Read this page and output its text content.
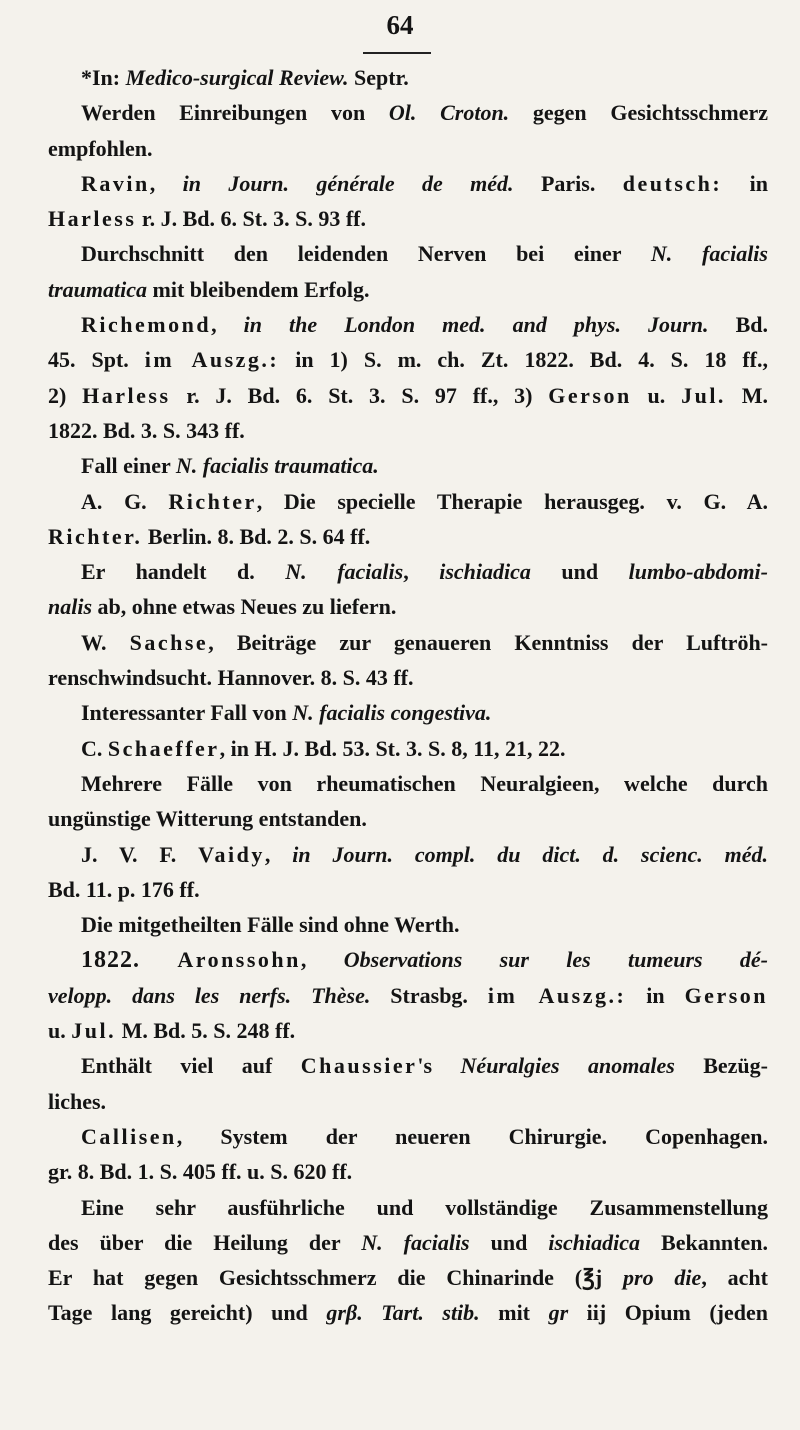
64
*In: Medico-surgical Review. Septr.
Werden Einreibungen von Ol. Croton. gegen Gesichtsschmerz
empfohlen.
Ravin, in Journ. générale de méd. Paris. deutsch: in
Harless r. J. Bd. 6. St. 3. S. 93 ff.
Durchschnitt den leidenden Nerven bei einer N. facialis
traumatica mit bleibendem Erfolg.
Richemond, in the London med. and phys. Journ. Bd.
45. Spt. im Auszg.: in 1) S. m. ch. Zt. 1822. Bd. 4. S. 18 ff.,
2) Harless r. J. Bd. 6. St. 3. S. 97 ff., 3) Gerson u. Jul. M.
1822. Bd. 3. S. 343 ff.
Fall einer N. facialis traumatica.
A. G. Richter, Die specielle Therapie herausgeg. v. G. A.
Richter. Berlin. 8. Bd. 2. S. 64 ff.
Er handelt d. N. facialis, ischiadica und lumbo-abdomi-
nalis ab, ohne etwas Neues zu liefern.
W. Sachse, Beiträge zur genaueren Kenntniss der Luftröh-
renschwindsucht. Hannover. 8. S. 43 ff.
Interessanter Fall von N. facialis congestiva.
C. Schaeffer, in H. J. Bd. 53. St. 3. S. 8, 11, 21, 22.
Mehrere Fälle von rheumatischen Neuralgieen, welche durch
ungünstige Witterung entstanden.
J. V. F. Vaidy, in Journ. compl. du dict. d. scienc. méd.
Bd. 11. p. 176 ff.
Die mitgetheilten Fälle sind ohne Werth.
1822. Aronssohn, Observations sur les tumeurs dé-
velopp. dans les nerfs. Thèse. Strasbg. im Auszg.: in Gerson
u. Jul. M. Bd. 5. S. 248 ff.
Enthält viel auf Chaussier's Néuralgies anomales Bezüg-
liches.
Callisen, System der neueren Chirurgie. Copenhagen.
gr. 8. Bd. 1. S. 405 ff. u. S. 620 ff.
Eine sehr ausführliche und vollständige Zusammenstellung
des über die Heilung der N. facialis und ischiadica Bekannten.
Er hat gegen Gesichtsschmerz die Chinarinde (℥j pro die, acht
Tage lang gereicht) und grβ. Tart. stib. mit gr iij Opium (jeden
